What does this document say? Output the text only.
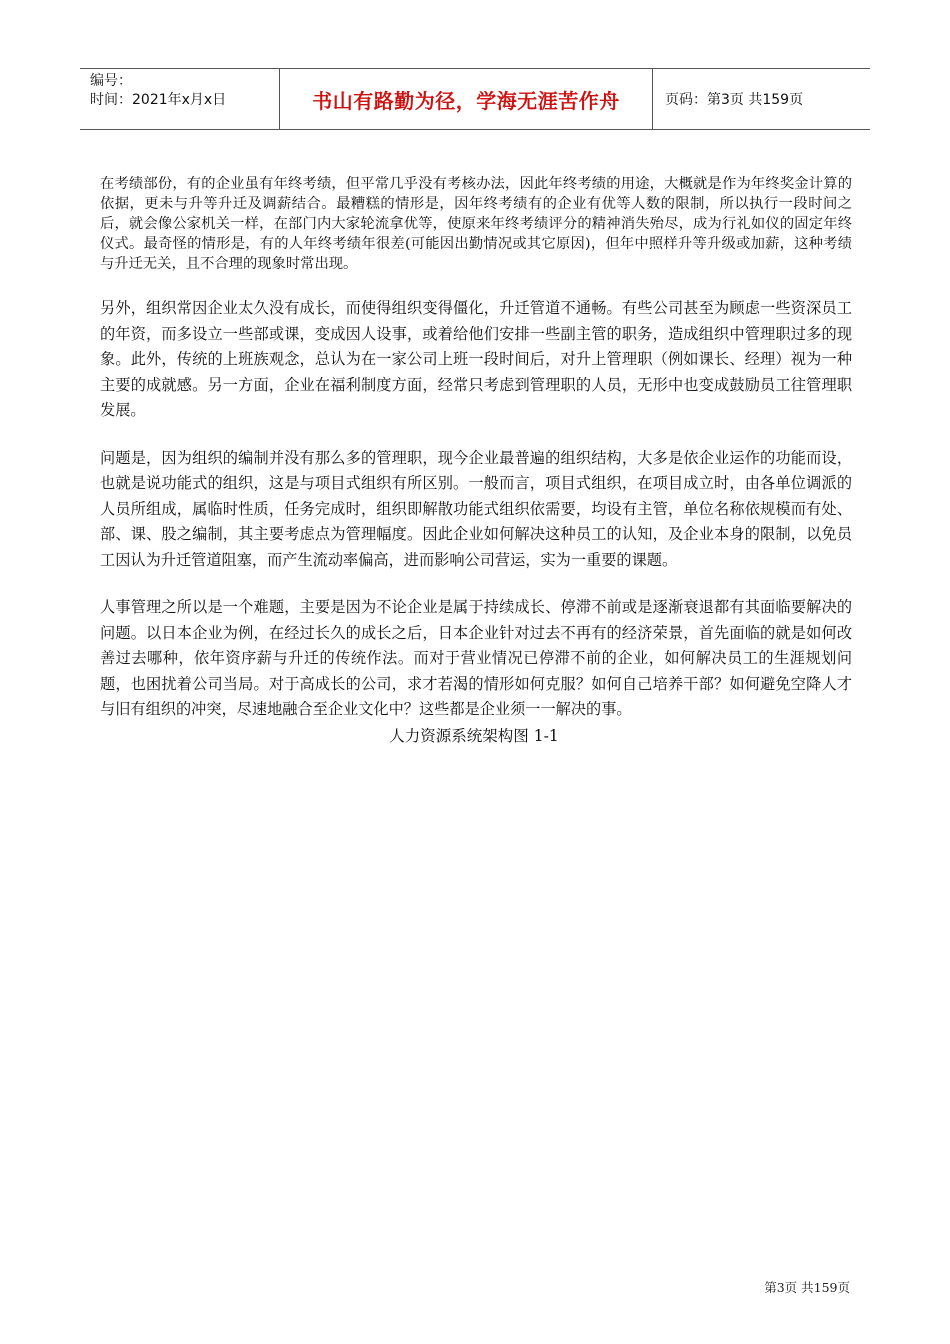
编号：
时间：2021年x月x日	书山有路勤为径，学海无涯苦作舟	页码：第3页 共159页

在考绩部份，有的企业虽有年终考绩，但平常几乎没有考核办法，因此年终考绩的用途，大概就是作为年终奖金计算的依据，更未与升等升迁及调薪结合。最糟糕的情形是，因年终考绩有的企业有优等人数的限制，所以执行一段时间之后，就会像公家机关一样，在部门内大家轮流拿优等，使原来年终考绩评分的精神消失殆尽，成为行礼如仪的固定年终仪式。最奇怪的情形是，有的人年终考绩年很差(可能因出勤情况或其它原因)，但年中照样升等升级或加薪，这种考绩与升迁无关，且不合理的现象时常出现。

另外，组织常因企业太久没有成长，而使得组织变得僵化，升迁管道不通畅。有些公司甚至为顾虑一些资深员工的年资，而多设立一些部或课，变成因人设事，或着给他们安排一些副主管的职务，造成组织中管理职过多的现象。此外，传统的上班族观念，总认为在一家公司上班一段时间后，对升上管理职（例如课长、经理）视为一种主要的成就感。另一方面，企业在福利制度方面，经常只考虑到管理职的人员，无形中也变成鼓励员工往管理职发展。

问题是，因为组织的编制并没有那么多的管理职，现今企业最普遍的组织结构，大多是依企业运作的功能而设，也就是说功能式的组织，这是与项目式组织有所区别。一般而言，项目式组织，在项目成立时，由各单位调派的人员所组成，属临时性质，任务完成时，组织即解散功能式组织依需要，均设有主管，单位名称依规模而有处、部、课、股之编制，其主要考虑点为管理幅度。因此企业如何解决这种员工的认知，及企业本身的限制，以免员工因认为升迁管道阻塞，而产生流动率偏高，进而影响公司营运，实为一重要的课题。

人事管理之所以是一个难题，主要是因为不论企业是属于持续成长、停滞不前或是逐渐衰退都有其面临要解决的问题。以日本企业为例，在经过长久的成长之后，日本企业针对过去不再有的经济荣景，首先面临的就是如何改善过去哪种，依年资序薪与升迁的传统作法。而对于营业情况已停滞不前的企业，如何解决员工的生涯规划问题，也困扰着公司当局。对于高成长的公司，求才若渴的情形如何克服？如何自己培养干部？如何避免空降人才与旧有组织的冲突，尽速地融合至企业文化中？这些都是企业须一一解决的事。

人力资源系统架构图 1-1
第3页 共159页
